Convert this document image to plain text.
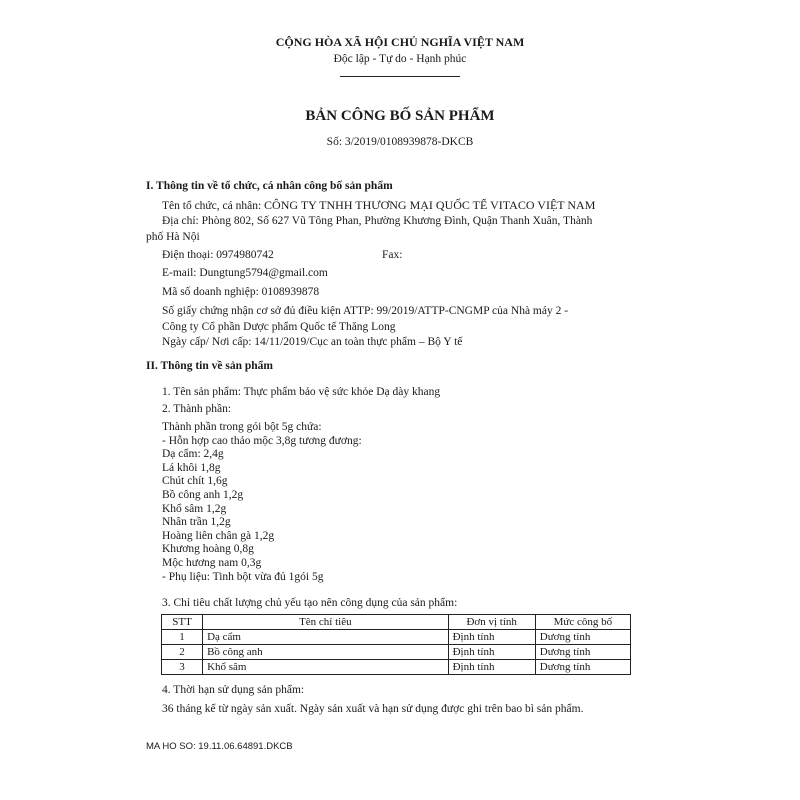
CỘNG HÒA XÃ HỘI CHỦ NGHĨA VIỆT NAM
Độc lập - Tự do - Hạnh phúc
BẢN CÔNG BỐ SẢN PHẨM
Số: 3/2019/0108939878-DKCB
I. Thông tin về tổ chức, cá nhân công bố sản phẩm
Tên tổ chức, cá nhân: CÔNG TY TNHH THƯƠNG MẠI QUỐC TẾ VITACO VIỆT NAM
Địa chỉ: Phòng 802, Số 627 Vũ Tông Phan, Phường Khương Đình, Quận Thanh Xuân, Thành
phố Hà Nội
Điện thoại: 0974980742	Fax:
E-mail: Dungtung5794@gmail.com
Mã số doanh nghiệp: 0108939878
Số giấy chứng nhận cơ sở đủ điều kiện ATTP: 99/2019/ATTP-CNGMP của Nhà máy 2 -
Công ty Cổ phần Dược phẩm Quốc tế Thăng Long
Ngày cấp/ Nơi cấp: 14/11/2019/Cục an toàn thực phẩm – Bộ Y tế
II. Thông tin về sản phẩm
1. Tên sản phẩm: Thực phẩm bảo vệ sức khỏe Dạ dày khang
2. Thành phần:
Thành phần trong gói bột 5g chứa:
- Hỗn hợp cao thảo mộc 3,8g tương đương:
Dạ cẩm: 2,4g
Lá khôi 1,8g
Chút chít 1,6g
Bồ công anh 1,2g
Khổ sâm 1,2g
Nhân trần 1,2g
Hoàng liên chân gà 1,2g
Khương hoàng 0,8g
Mộc hương nam 0,3g
- Phụ liệu: Tinh bột vừa đủ 1gói 5g
3. Chỉ tiêu chất lượng chủ yếu tạo nên công dụng của sản phẩm:
STT	Tên chỉ tiêu	Đơn vị tính	Mức công bố
1	Dạ cẩm	Định tính	Dương tính
2	Bồ công anh	Định tính	Dương tính
3	Khổ sâm	Định tính	Dương tính
4. Thời hạn sử dụng sản phẩm:
36 tháng kể từ ngày sản xuất. Ngày sản xuất và hạn sử dụng được ghi trên bao bì sản phẩm.
MA HO SO: 19.11.06.64891.DKCB
